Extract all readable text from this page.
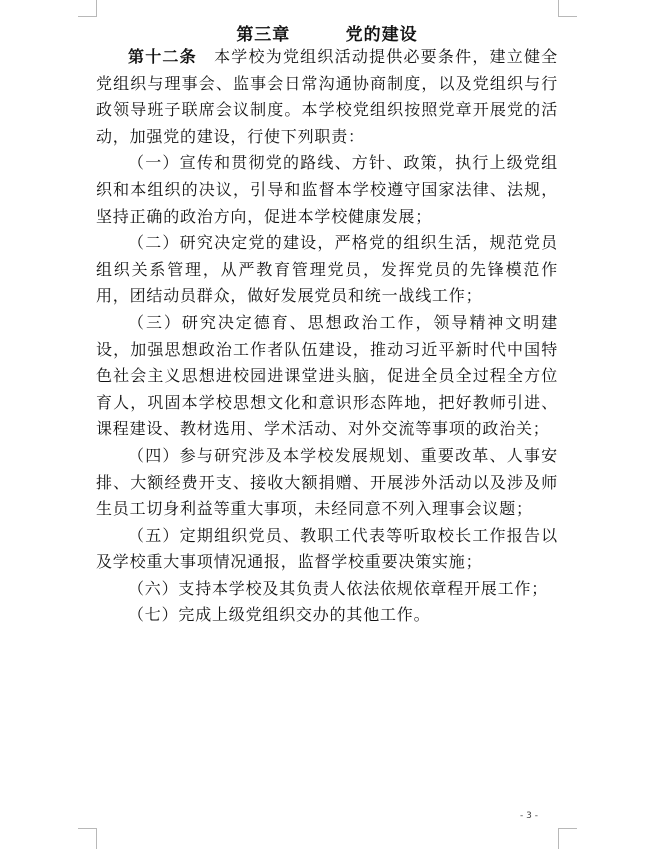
第三章	党的建设

第十二条　 本学校为党组织活动提供必要条件，建立健全党组织与理事会、监事会日常沟通协商制度，以及党组织与行政领导班子联席会议制度。本学校党组织按照党章开展党的活动，加强党的建设，行使下列职责：

（一）宣传和贯彻党的路线、方针、政策，执行上级党组织和本组织的决议，引导和监督本学校遵守国家法律、法规，坚持正确的政治方向，促进本学校健康发展；

（二）研究决定党的建设，严格党的组织生活，规范党员组织关系管理，从严教育管理党员，发挥党员的先锋模范作用，团结动员群众，做好发展党员和统一战线工作；

（三）研究决定德育、思想政治工作，领导精神文明建设，加强思想政治工作者队伍建设，推动习近平新时代中国特色社会主义思想进校园进课堂进头脑，促进全员全过程全方位育人，巩固本学校思想文化和意识形态阵地，把好教师引进、课程建设、教材选用、学术活动、对外交流等事项的政治关；

（四）参与研究涉及本学校发展规划、重要改革、人事安排、大额经费开支、接收大额捐赠、开展涉外活动以及涉及师生员工切身利益等重大事项，未经同意不列入理事会议题；

（五）定期组织党员、教职工代表等听取校长工作报告以及学校重大事项情况通报，监督学校重要决策实施；

（六）支持本学校及其负责人依法依规依章程开展工作；

（七）完成上级党组织交办的其他工作。

- 3 -
